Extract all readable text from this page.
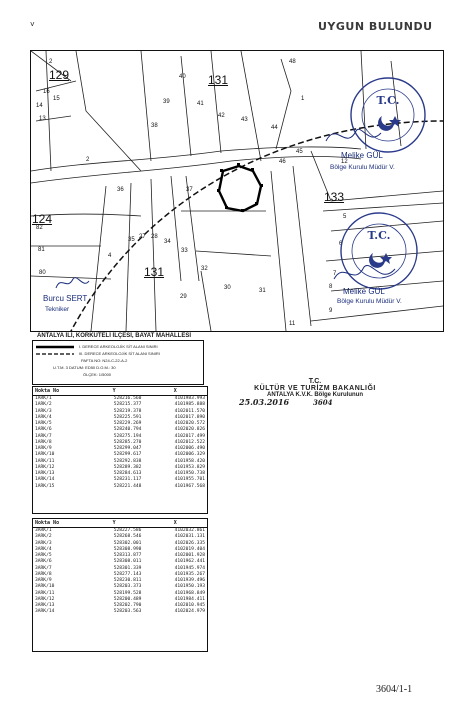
UYGUN BULUNDU
˅
2
16
15
13
14
40
39	41
38
1
42
43
44
48
2	46
45
36	37
34
33
28
27
35
4
32
30	31
29
12
5
6
7
8
9
11
82
81
80
129	131
133
124
131
T.C.
T.C.
Melike GÜL
Bölge Kurulu Müdür V.
Melike GÜL
Bölge Kurulu Müdür V.
Burcu SERT
Tekniker
ANTALYA İLİ, KORKUTELİ İLÇESİ, BAYAT MAHALLESİ
I. DERECE ARKEOLOJİK SİT ALANI SINIRI
III. DERECE ARKEOLOJİK SİT ALANI SINIRI
PAFTA NO: N24-C-22-A-2
U.T.M. 3 DATUM: ED50 D.O.M.: 30
ÖLÇEK: 1/5000
T.C.
KÜLTÜR VE TURİZM BAKANLIĞI
ANTALYA K.V.K. Bölge Kurulunun
25.03.2016	3604
Nokta No	Y	X
1ARK/1	528216.560	4101983.993
1ARK/2	528215.377	4101985.888
1ARK/3	528219.378	4102011.570
1ARK/4	528225.591	4102017.890
1ARK/5	528229.269	4102020.572
1ARK/6	528240.794	4102020.826
1ARK/7	528275.194	4102017.499
1ARK/8	528285.270	4102012.522
1ARK/9	528299.047	4102006.490
1ARK/10	528299.617	4102006.329
1ARK/11	528292.838	4101958.420
1ARK/12	528289.382	4101953.829
1ARK/13	528284.613	4101950.738
1ARK/14	528231.117	4101955.701
1ARK/15	528221.448	4101967.568
Nokta No	Y	X
3ARK/1	528227.586	4102032.861
3ARK/2	528268.546	4102031.131
3ARK/3	528302.001	4102026.335
3ARK/4	528308.998	4102019.404
3ARK/5	528313.877	4102001.928
3ARK/6	528308.011	4101962.441
3ARK/7	528301.339	4101945.974
3ARK/8	528277.143	4101935.267
3ARK/9	528230.811	4101939.496
3ARK/10	528203.373	4101950.193
3ARK/11	528199.528	4101968.849
3ARK/12	528200.489	4101984.411
3ARK/13	528202.790	4102010.945
3ARK/14	528203.563	4102024.979
3604/1-1
